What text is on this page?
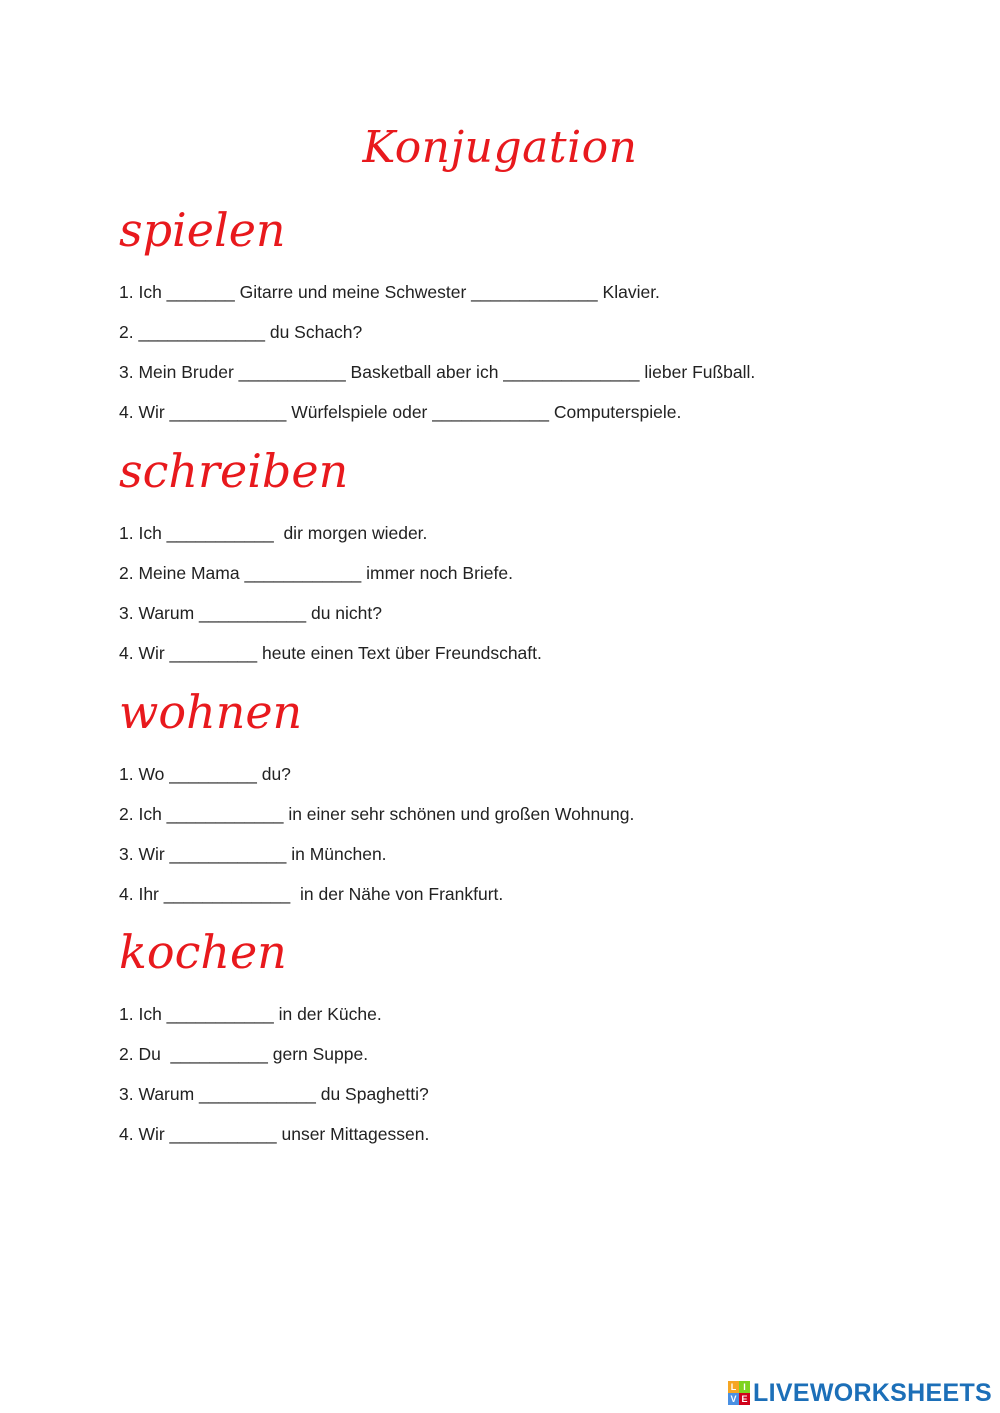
Konjugation
spielen
1. Ich _______ Gitarre und meine Schwester _____________ Klavier.
2. _____________ du Schach?
3. Mein Bruder ___________ Basketball aber ich ______________ lieber Fußball.
4. Wir ____________ Würfelspiele oder ____________ Computerspiele.
schreiben
1. Ich ___________  dir morgen wieder.
2. Meine Mama ____________ immer noch Briefe.
3. Warum ___________ du nicht?
4. Wir _________ heute einen Text über Freundschaft.
wohnen
1. Wo _________ du?
2. Ich ____________ in einer sehr schönen und großen Wohnung.
3. Wir ____________ in München.
4. Ihr _____________  in der Nähe von Frankfurt.
kochen
1. Ich ___________ in der Küche.
2. Du  __________ gern Suppe.
3. Warum ____________ du Spaghetti?
4. Wir ___________ unser Mittagessen.
L I
V E LIVEWORKSHEETS
